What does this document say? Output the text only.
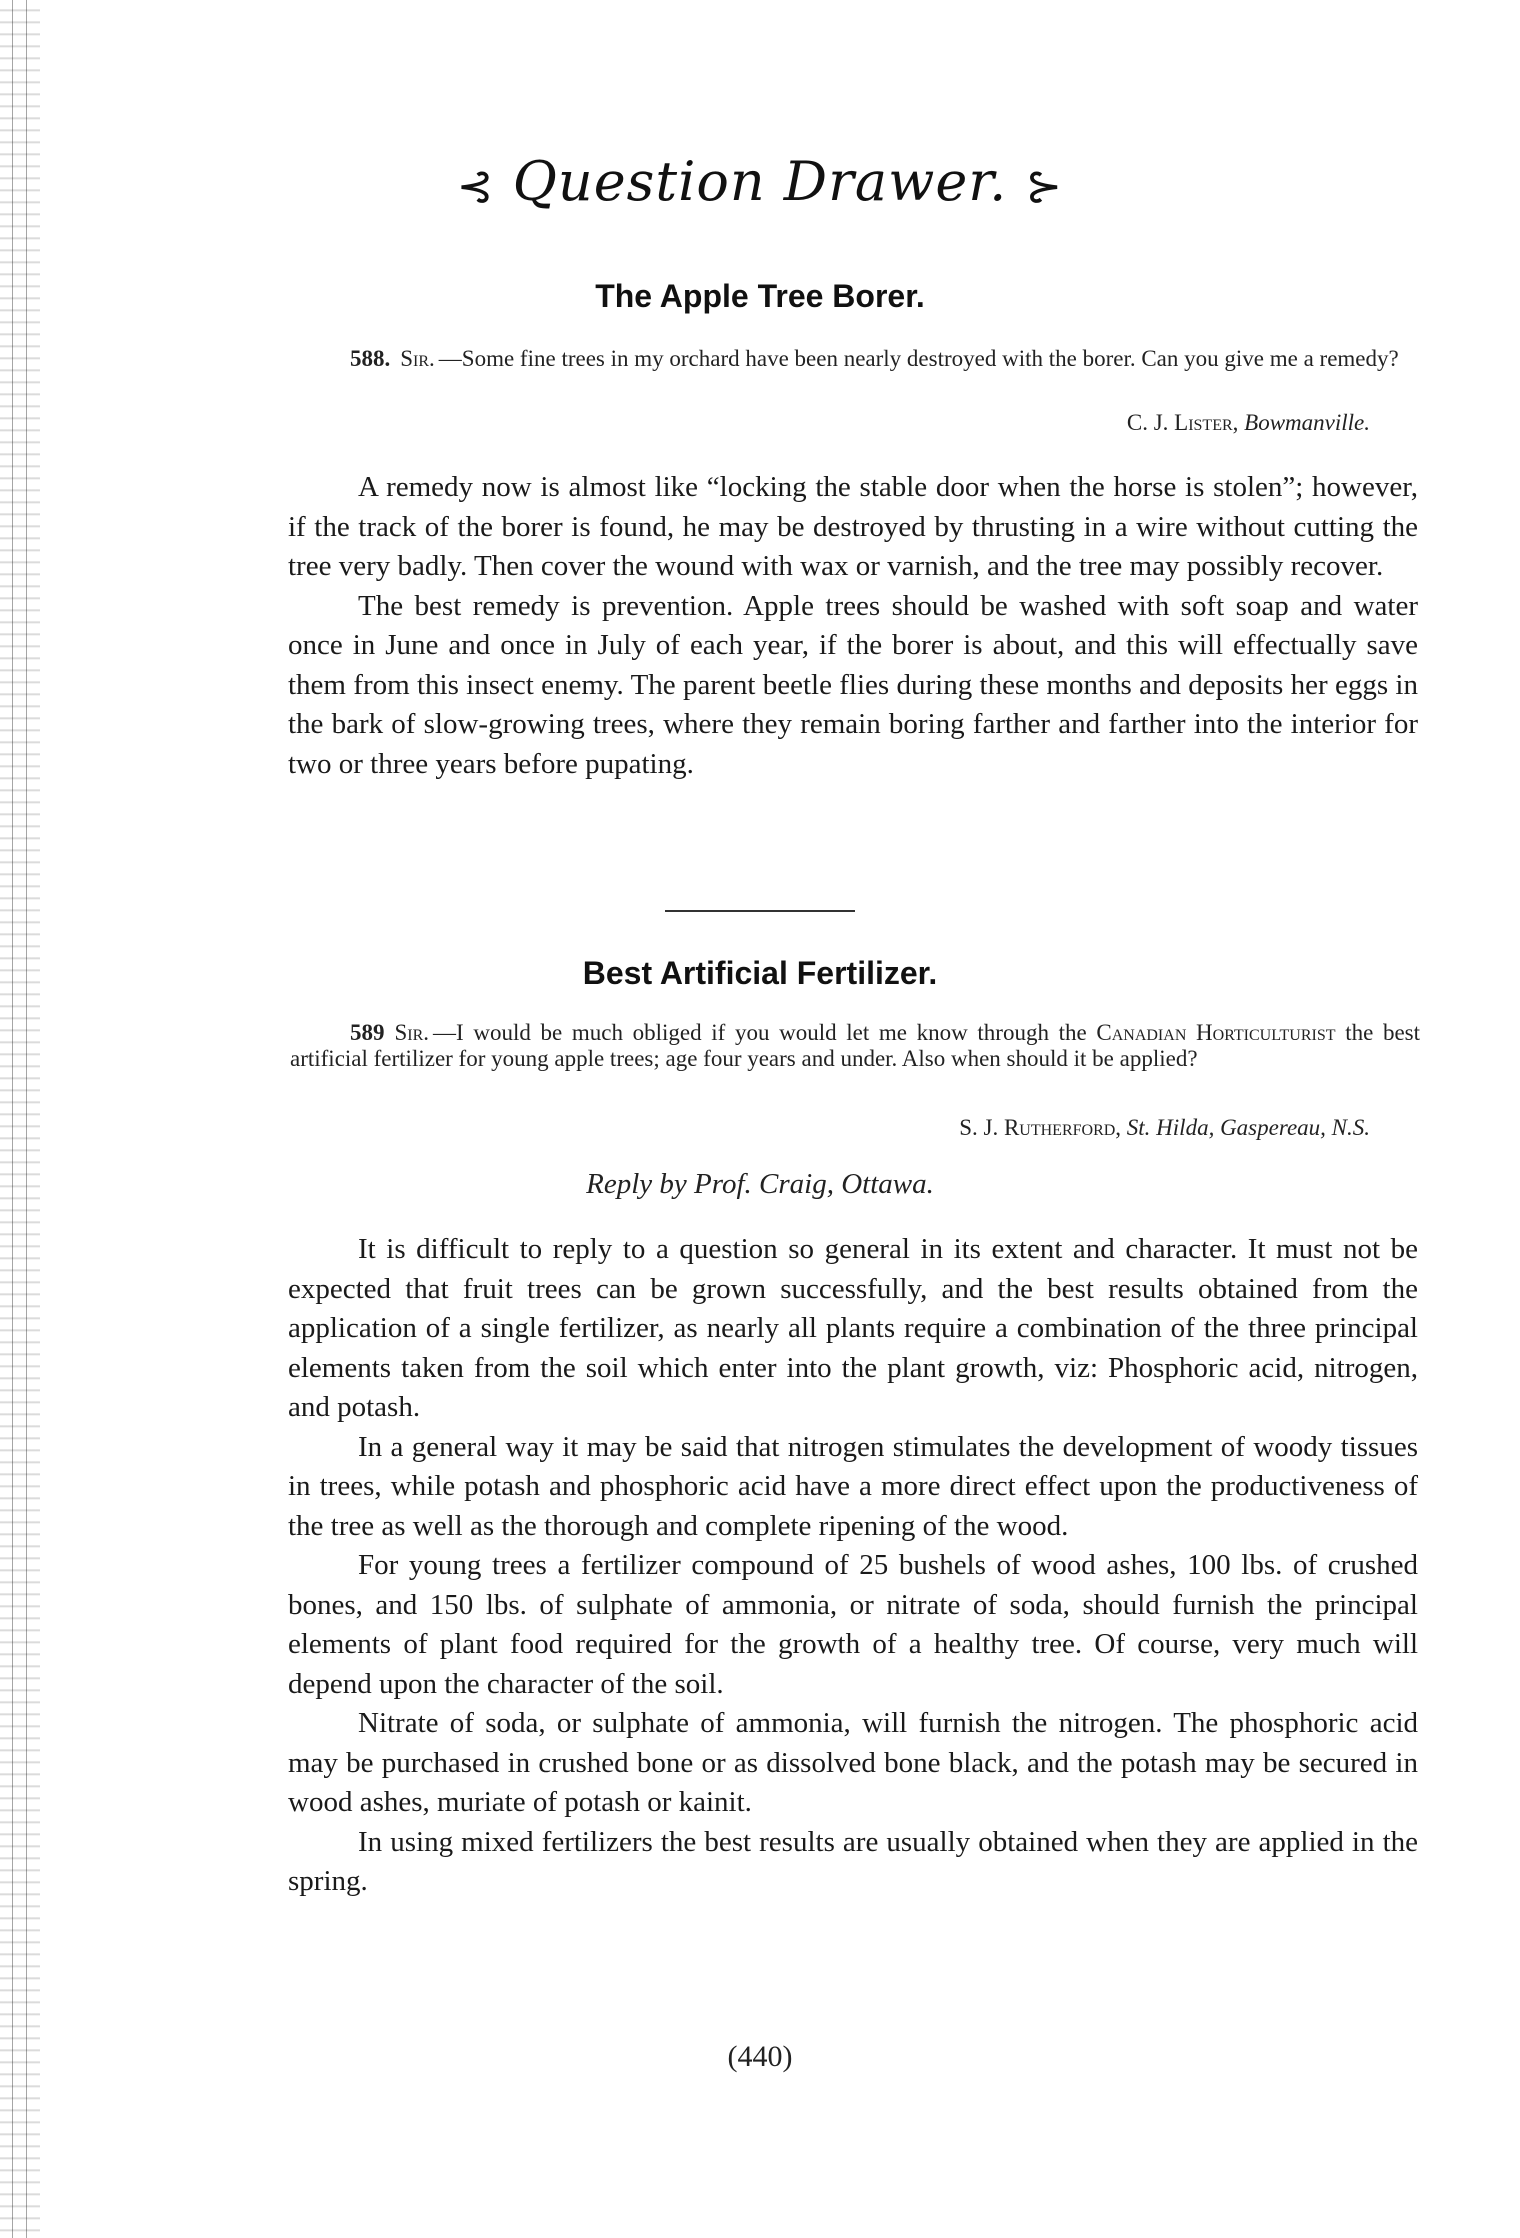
⊰ Question Drawer. ⊱
The Apple Tree Borer.
588. Sir. —Some fine trees in my orchard have been nearly destroyed with the borer. Can you give me a remedy?
C. J. Lister, Bowmanville.

A remedy now is almost like “locking the stable door when the horse is stolen”; however, if the track of the borer is found, he may be destroyed by thrusting in a wire without cutting the tree very badly. Then cover the wound with wax or varnish, and the tree may possibly recover.

The best remedy is prevention. Apple trees should be washed with soft soap and water once in June and once in July of each year, if the borer is about, and this will effectually save them from this insect enemy. The parent beetle flies during these months and deposits her eggs in the bark of slow-growing trees, where they remain boring farther and farther into the interior for two or three years before pupating.

Best Artificial Fertilizer.
589 Sir. —I would be much obliged if you would let me know through the Canadian Horticulturist the best artificial fertilizer for young apple trees; age four years and under. Also when should it be applied?
S. J. Rutherford, St. Hilda, Gaspereau, N.S.
Reply by Prof. Craig, Ottawa.

It is difficult to reply to a question so general in its extent and character. It must not be expected that fruit trees can be grown successfully, and the best results obtained from the application of a single fertilizer, as nearly all plants require a combination of the three principal elements taken from the soil which enter into the plant growth, viz: Phosphoric acid, nitrogen, and potash.

In a general way it may be said that nitrogen stimulates the development of woody tissues in trees, while potash and phosphoric acid have a more direct effect upon the productiveness of the tree as well as the thorough and complete ripening of the wood.

For young trees a fertilizer compound of 25 bushels of wood ashes, 100 lbs. of crushed bones, and 150 lbs. of sulphate of ammonia, or nitrate of soda, should furnish the principal elements of plant food required for the growth of a healthy tree. Of course, very much will depend upon the character of the soil.

Nitrate of soda, or sulphate of ammonia, will furnish the nitrogen. The phosphoric acid may be purchased in crushed bone or as dissolved bone black, and the potash may be secured in wood ashes, muriate of potash or kainit.

In using mixed fertilizers the best results are usually obtained when they are applied in the spring.

(440)
